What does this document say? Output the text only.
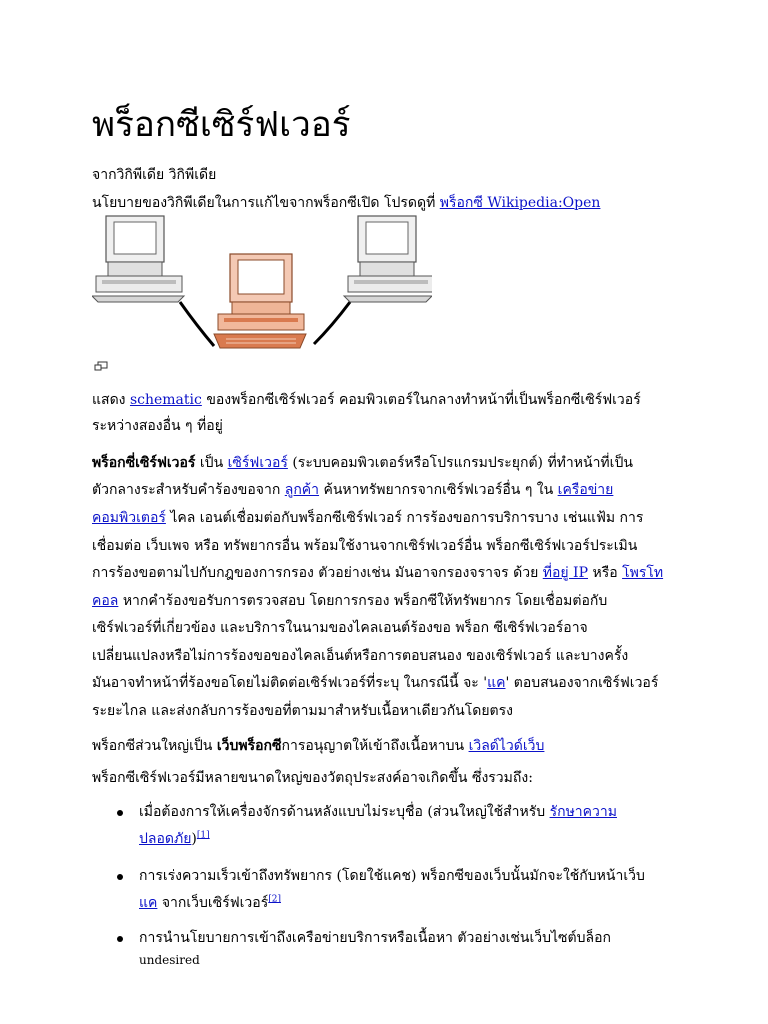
พร็อกซีเซิร์ฟเวอร์
จากวิกิพีเดีย วิกิพีเดีย
นโยบายของวิกิพีเดียในการแก้ไขจากพร็อกซีเปิด โปรดดูที่ พร็อกซี Wikipedia:Open
แสดง schematic ของพร็อกซีเซิร์ฟเวอร์ คอมพิวเตอร์ในกลางทำหน้าที่เป็นพร็อกซีเซิร์ฟเวอร์
ระหว่างสองอื่น ๆ ที่อยู่
พร็อกซี่เซิร์ฟเวอร์ เป็น เซิร์ฟเวอร์ (ระบบคอมพิวเตอร์หรือโปรแกรมประยุกต์) ที่ทำหน้าที่เป็น
ตัวกลางระสำหรับคำร้องขอจาก ลูกค้า ค้นหาทรัพยากรจากเซิร์ฟเวอร์อื่น ๆ ใน เครือข่าย
คอมพิวเตอร์ ไคล เอนต์เชื่อมต่อกับพร็อกซีเซิร์ฟเวอร์ การร้องขอการบริการบาง เช่นแฟ้ม การ
เชื่อมต่อ เว็บเพจ หรือ ทรัพยากรอื่น พร้อมใช้งานจากเซิร์ฟเวอร์อื่น พร็อกซีเซิร์ฟเวอร์ประเมิน
การร้องขอตามไปกับกฎของการกรอง ตัวอย่างเช่น มันอาจกรองจราจร ด้วย ที่อยู่ IP หรือ โพรโท
คอล หากคำร้องขอรับการตรวจสอบ โดยการกรอง พร็อกซีให้ทรัพยากร โดยเชื่อมต่อกับ
เซิร์ฟเวอร์ที่เกี่ยวข้อง และบริการในนามของไคลเอนต์ร้องขอ พร็อก ซีเซิร์ฟเวอร์อาจ
เปลี่ยนแปลงหรือไม่การร้องขอของไคลเอ็นต์หรือการตอบสนอง ของเซิร์ฟเวอร์ และบางครั้ง
มันอาจทำหน้าที่ร้องขอโดยไม่ติดต่อเซิร์ฟเวอร์ที่ระบุ ในกรณีนี้ จะ 'แค' ตอบสนองจากเซิร์ฟเวอร์
ระยะไกล และส่งกลับการร้องขอที่ตามมาสำหรับเนื้อหาเดียวกันโดยตรง
พร็อกซีส่วนใหญ่เป็น เว็บพร็อกซีการอนุญาตให้เข้าถึงเนื้อหาบน เวิลด์ไวด์เว็บ
พร็อกซีเซิร์ฟเวอร์มีหลายขนาดใหญ่ของวัตถุประสงค์อาจเกิดขึ้น ซึ่งรวมถึง:
เมื่อต้องการให้เครื่องจักรด้านหลังแบบไม่ระบุชื่อ (ส่วนใหญ่ใช้สำหรับ รักษาความ
ปลอดภัย)[1]
การเร่งความเร็วเข้าถึงทรัพยากร (โดยใช้แคช) พร็อกซีของเว็บนั้นมักจะใช้กับหน้าเว็บ
แค จากเว็บเซิร์ฟเวอร์[2]
การนำนโยบายการเข้าถึงเครือข่ายบริการหรือเนื้อหา ตัวอย่างเช่นเว็บไซต์บล็อก
undesired
